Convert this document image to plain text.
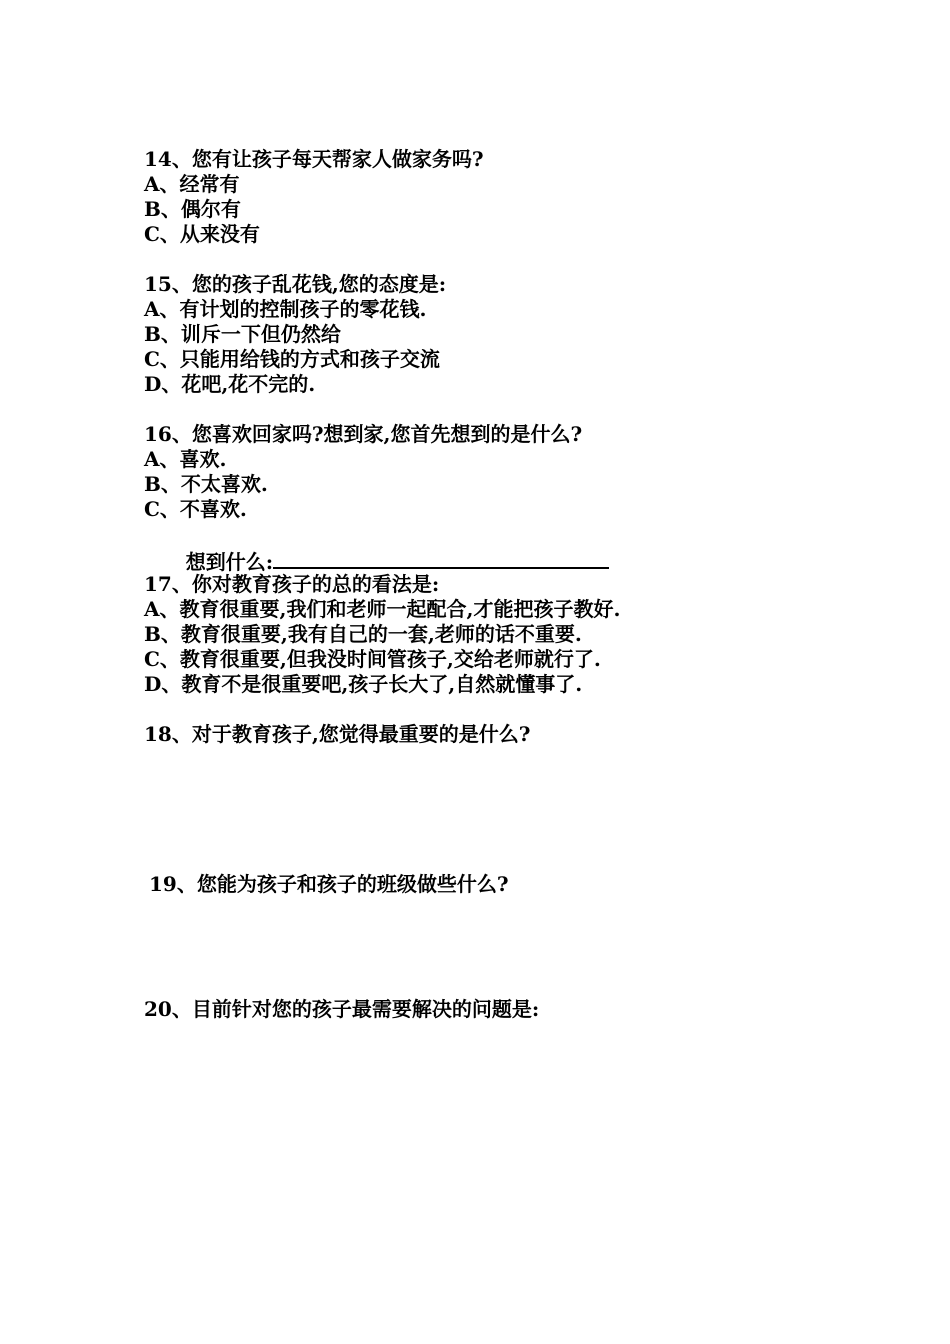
14、您有让孩子每天帮家人做家务吗?
A、经常有
B、偶尔有
C、从来没有
15、您的孩子乱花钱,您的态度是:
A、有计划的控制孩子的零花钱.
B、训斥一下但仍然给
C、只能用给钱的方式和孩子交流
D、花吧,花不完的.
16、您喜欢回家吗?想到家,您首先想到的是什么?
A、喜欢.
B、不太喜欢.
C、不喜欢.

想到什么:

17、你对教育孩子的总的看法是:
A、教育很重要,我们和老师一起配合,才能把孩子教好.
B、教育很重要,我有自己的一套,老师的话不重要.
C、教育很重要,但我没时间管孩子,交给老师就行了.
D、教育不是很重要吧,孩子长大了,自然就懂事了.
18、对于教育孩子,您觉得最重要的是什么?
19、您能为孩子和孩子的班级做些什么?
20、目前针对您的孩子最需要解决的问题是:
